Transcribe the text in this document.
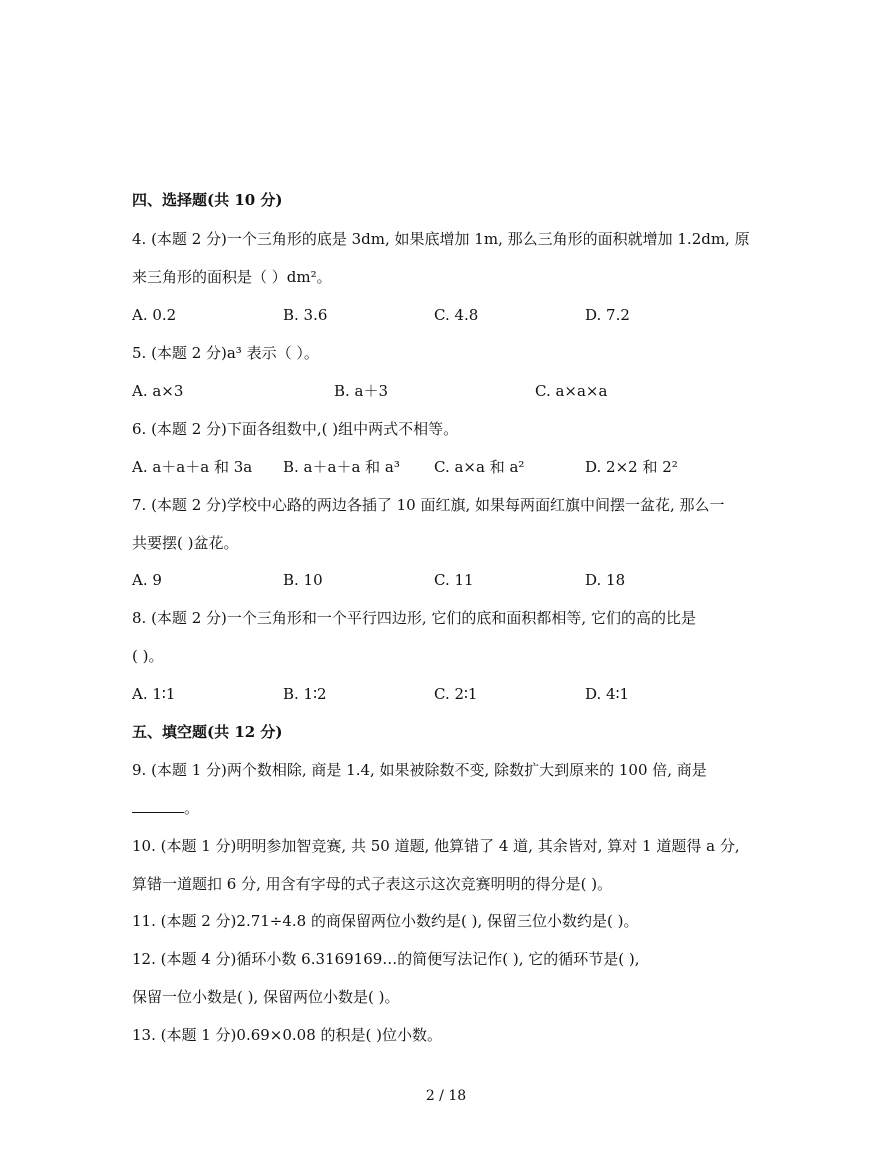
四、选择题(共 10 分)
4. (本题 2 分)一个三角形的底是 3dm, 如果底增加 1m, 那么三角形的面积就增加 1.2dm, 原
来三角形的面积是（ ）dm²。
A. 0.2	B. 3.6	C. 4.8	D. 7.2
5. (本题 2 分)a³ 表示（ ）。
A. a×3	B. a＋3	C. a×a×a
6. (本题 2 分)下面各组数中,( )组中两式不相等。
A. a＋a＋a 和 3a B. a＋a＋a 和 a³ C. a×a 和 a²	D. 2×2 和 2²
7. (本题 2 分)学校中心路的两边各插了 10 面红旗, 如果每两面红旗中间摆一盆花, 那么一
共要摆( )盆花。
A. 9	B. 10	C. 11	D. 18
8. (本题 2 分)一个三角形和一个平行四边形, 它们的底和面积都相等, 它们的高的比是
( )。
A. 1∶1	B. 1∶2	C. 2∶1	D. 4∶1
五、填空题(共 12 分)
9. (本题 1 分)两个数相除, 商是 1.4, 如果被除数不变, 除数扩大到原来的 100 倍, 商是
。
10. (本题 1 分)明明参加智竞赛, 共 50 道题, 他算错了 4 道, 其余皆对, 算对 1 道题得 a 分,
算错一道题扣 6 分, 用含有字母的式子表这示这次竞赛明明的得分是( )。
11. (本题 2 分)2.71÷4.8 的商保留两位小数约是( ), 保留三位小数约是( )。
12. (本题 4 分)循环小数 6.3169169…的简便写法记作( ), 它的循环节是( ),
保留一位小数是( ), 保留两位小数是( )。
13. (本题 1 分)0.69×0.08 的积是( )位小数。
2 / 18
